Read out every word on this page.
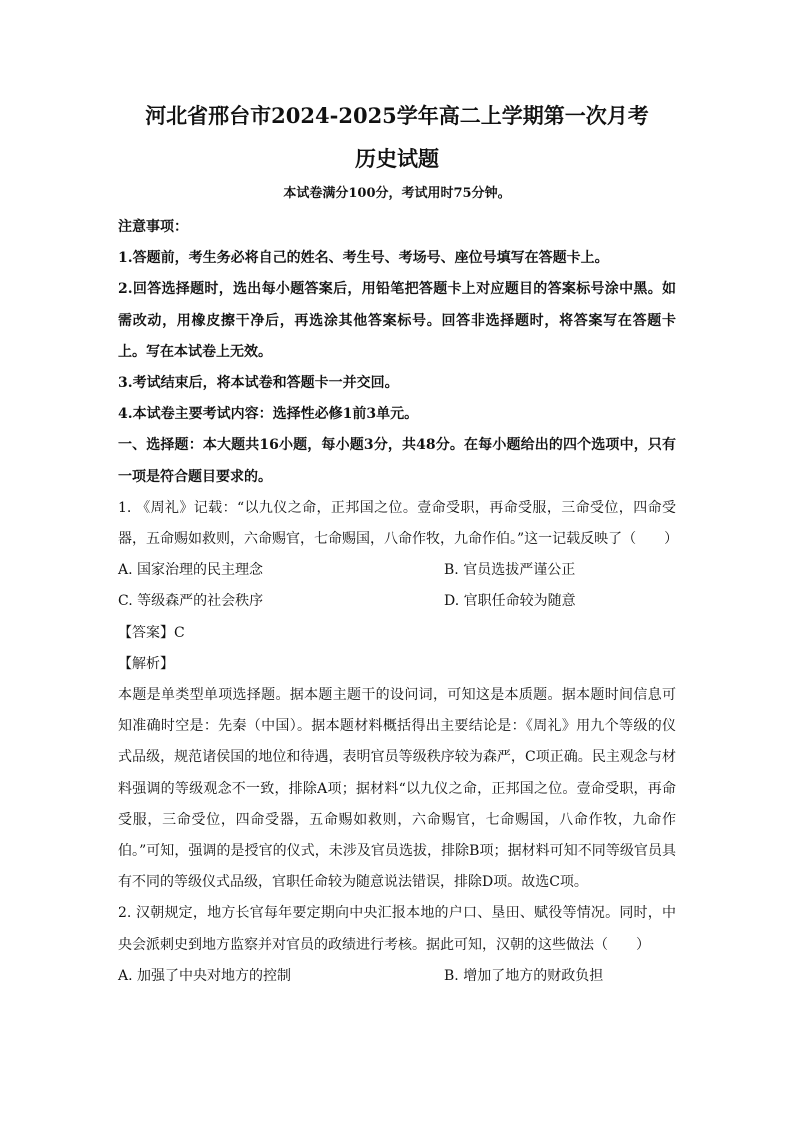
河北省邢台市2024-2025学年高二上学期第一次月考
历史试题
本试卷满分100分，考试用时75分钟。

注意事项：

1.答题前，考生务必将自己的姓名、考生号、考场号、座位号填写在答题卡上。

2.回答选择题时，选出每小题答案后，用铅笔把答题卡上对应题目的答案标号涂中黑。如需改动，用橡皮擦干净后，再选涂其他答案标号。回答非选择题时，将答案写在答题卡上。写在本试卷上无效。

3.考试结束后，将本试卷和答题卡一并交回。

4.本试卷主要考试内容：选择性必修1前3单元。

一、选择题：本大题共16小题，每小题3分，共48分。在每小题给出的四个选项中，只有一项是符合题目要求的。

1. 《周礼》记载：“以九仪之命，正邦国之位。壹命受职，再命受服，三命受位，四命受器，五命赐如救则，六命赐官，七命赐国，八命作牧，九命作伯。”这一记载反映了（　　）

A. 国家治理的民主理念	B. 官员选拔严谨公正
C. 等级森严的社会秩序	D. 官职任命较为随意

【答案】C

【解析】

本题是单类型单项选择题。据本题主题干的设问词，可知这是本质题。据本题时间信息可知准确时空是：先秦（中国）。据本题材料概括得出主要结论是：《周礼》用九个等级的仪式品级，规范诸侯国的地位和待遇，表明官员等级秩序较为森严，C项正确。民主观念与材料强调的等级观念不一致，排除A项；据材料“以九仪之命，正邦国之位。壹命受职，再命受服，三命受位，四命受器，五命赐如救则，六命赐官，七命赐国，八命作牧，九命作伯。”可知，强调的是授官的仪式，未涉及官员选拔，排除B项；据材料可知不同等级官员具有不同的等级仪式品级，官职任命较为随意说法错误，排除D项。故选C项。

2. 汉朝规定，地方长官每年要定期向中央汇报本地的户口、垦田、赋役等情况。同时，中央会派刺史到地方监察并对官员的政绩进行考核。据此可知，汉朝的这些做法（　　）

A. 加强了中央对地方的控制	B. 增加了地方的财政负担
